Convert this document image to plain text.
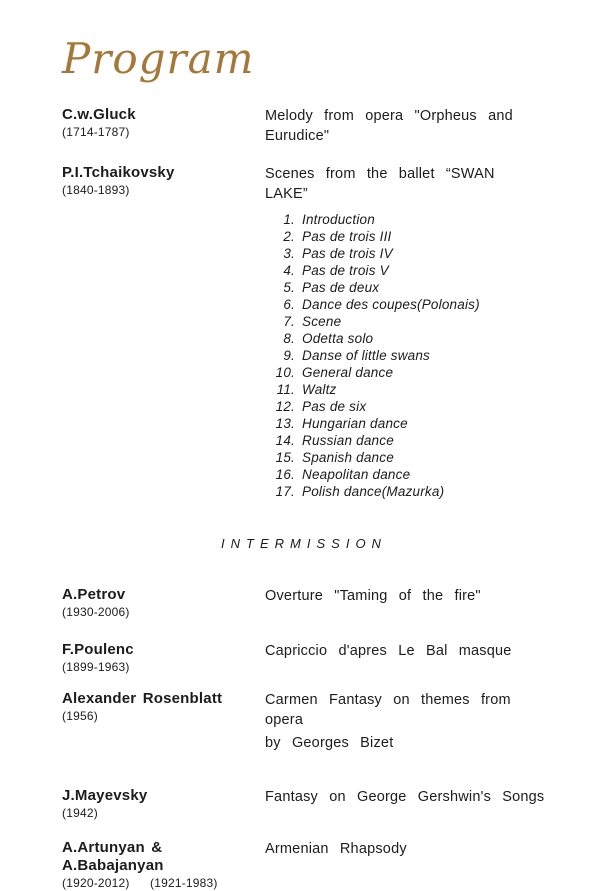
Program
C.w.Gluck
(1714-1787)
Melody from opera "Orpheus and Eurudice"
P.I.Tchaikovsky
(1840-1893)
Scenes from the ballet “SWAN LAKE”
1. Introduction
2. Pas de trois III
3. Pas de trois IV
4. Pas de trois V
5. Pas de deux
6. Dance des coupes(Polonais)
7. Scene
8. Odetta solo
9. Danse of little swans
10. General dance
11. Waltz
12. Pas de six
13. Hungarian dance
14. Russian dance
15. Spanish dance
16. Neapolitan dance
17. Polish dance(Mazurka)
INTERMISSION
A.Petrov
(1930-2006)
Overture "Taming of the fire"
F.Poulenc
(1899-1963)
Capriccio d'apres Le Bal masque
Alexander Rosenblatt
(1956)
Carmen Fantasy on themes from opera
by Georges Bizet
J.Mayevsky
(1942)
Fantasy on George Gershwin's Songs
A.Artunyan & A.Babajanyan
(1920-2012) (1921-1983)
Armenian Rhapsody
